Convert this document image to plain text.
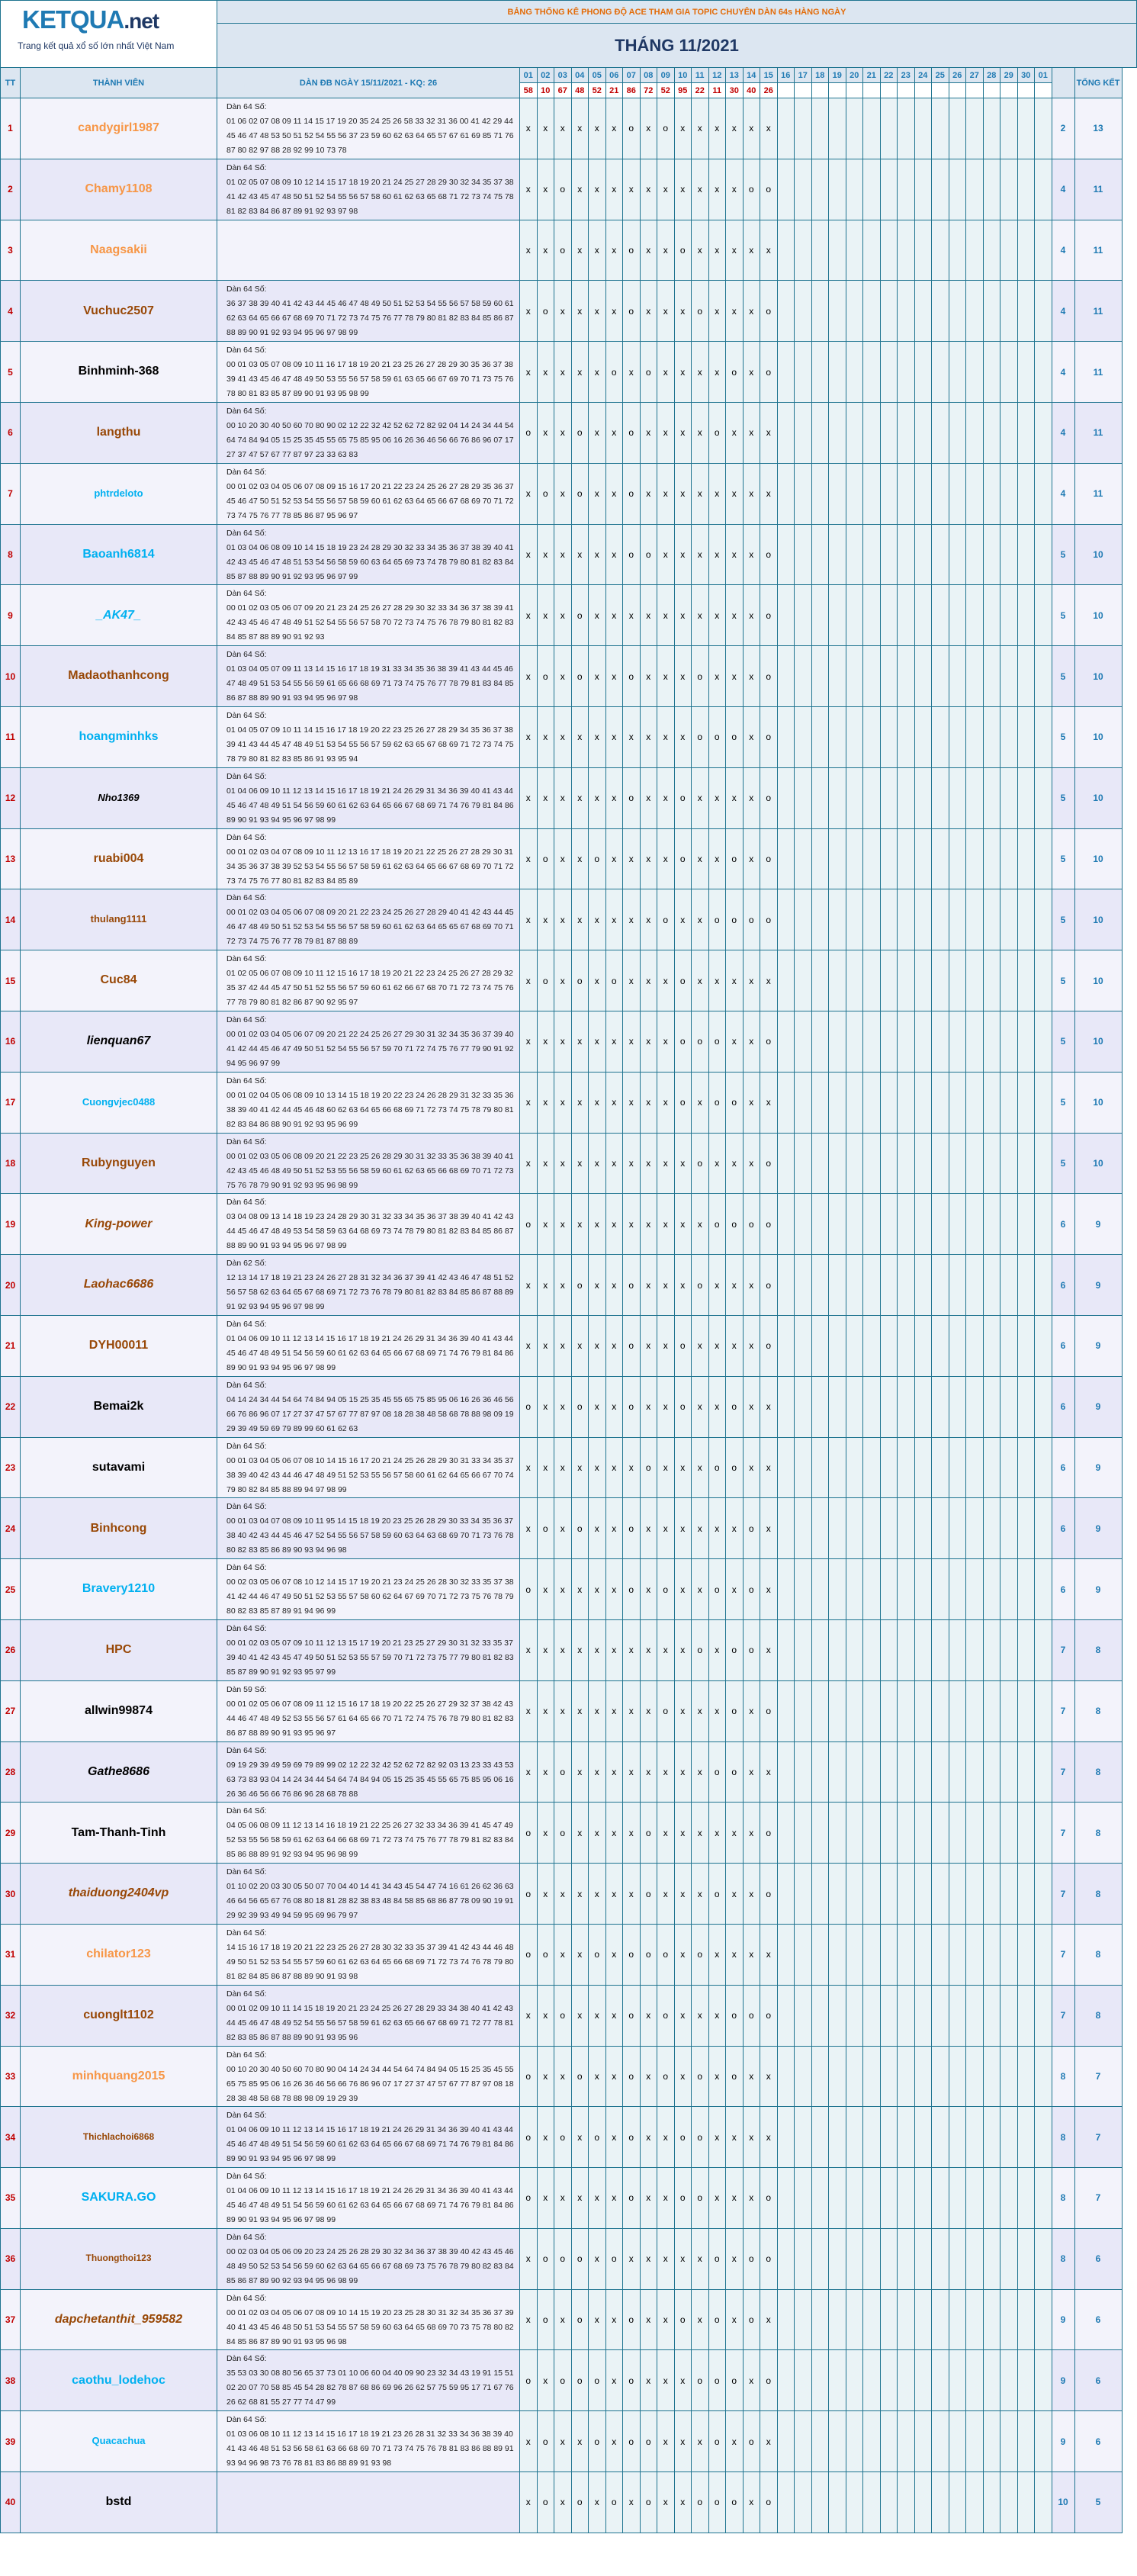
KETQUA.net
Trang kết quả xổ số lớn nhất Việt Nam		BẢNG THỐNG KÊ PHONG ĐỘ ACE THAM GIA TOPIC CHUYÊN DÀN 64s HÀNG NGÀY																																	
		THÁNG 11/2021																																	
TT	THÀNH VIÊN	DÀN ĐB NGÀY 15/11/2021 - KQ: 26	01	02	03	04	05	06	07	08	09	10	11	12	13	14	15	16	17	18	19	20	21	22	23	24	25	26	27	28	29	30	01		TỔNG KẾT
			58	10	67	48	52	21	86	72	52	95	22	11	30	40	26																		
1	candygirl1987	Dàn 64 Số:
01 06 02 07 08 09 11 14 15 17 19 20 35 24 25 26 58 33 32 31 36 00 41 42 29 44 45 46 47 48 53 50 51 52 54 55 56 37 23 59 60 62 63 64 65 57 67 61 69 85 71 76 87 80 82 97 88 28 92 99 10 73 78	x	x	x	x	x	x	o	x	o	x	x	x	x	x	x																	2	13
2	Chamy1108	Dàn 64 Số:
01 02 05 07 08 09 10 12 14 15 17 18 19 20 21 24 25 27 28 29 30 32 34 35 37 38 41 42 43 45 47 48 50 51 52 54 55 56 57 58 60 61 62 63 65 68 71 72 73 74 75 78 81 82 83 84 86 87 89 91 92 93 97 98	x	x	o	x	x	x	x	x	x	x	x	x	x	o	o																	4	11
3	Naagsakii		x	x	o	x	x	x	o	x	x	o	x	x	x	x	x																	4	11
4	Vuchuc2507	Dàn 64 Số:
36 37 38 39 40 41 42 43 44 45 46 47 48 49 50 51 52 53 54 55 56 57 58 59 60 61 62 63 64 65 66 67 68 69 70 71 72 73 74 75 76 77 78 79 80 81 82 83 84 85 86 87 88 89 90 91 92 93 94 95 96 97 98 99	x	o	x	x	x	x	o	x	x	x	o	x	x	x	o																	4	11
5	Binhminh-368	Dàn 64 Số:
00 01 03 05 07 08 09 10 11 16 17 18 19 20 21 23 25 26 27 28 29 30 35 36 37 38 39 41 43 45 46 47 48 49 50 53 55 56 57 58 59 61 63 65 66 67 69 70 71 73 75 76 78 80 81 83 85 87 89 90 91 93 95 98 99	x	x	x	x	x	o	x	o	x	x	x	x	o	x	o																	4	11
6	langthu	Dàn 64 Số:
00 10 20 30 40 50 60 70 80 90 02 12 22 32 42 52 62 72 82 92 04 14 24 34 44 54 64 74 84 94 05 15 25 35 45 55 65 75 85 95 06 16 26 36 46 56 66 76 86 96 07 17 27 37 47 57 67 77 87 97 23 33 63 83	o	x	x	o	x	x	o	x	x	x	x	o	x	x	x																	4	11
7	phtrdeloto	Dàn 64 Số:
00 01 02 03 04 05 06 07 08 09 15 16 17 20 21 22 23 24 25 26 27 28 29 35 36 37 45 46 47 50 51 52 53 54 55 56 57 58 59 60 61 62 63 64 65 66 67 68 69 70 71 72 73 74 75 76 77 78 85 86 87 95 96 97	x	o	x	o	x	x	o	x	x	x	x	x	x	x	x																	4	11
8	Baoanh6814	Dàn 64 Số:
01 03 04 06 08 09 10 14 15 18 19 23 24 28 29 30 32 33 34 35 36 37 38 39 40 41 42 43 45 46 47 48 51 53 54 56 58 59 60 63 64 65 69 73 74 78 79 80 81 82 83 84 85 87 88 89 90 91 92 93 95 96 97 99	x	x	x	x	x	x	o	o	x	x	x	x	x	x	o																	5	10
9	_AK47_	Dàn 64 Số:
00 01 02 03 05 06 07 09 20 21 23 24 25 26 27 28 29 30 32 33 34 36 37 38 39 41 42 43 45 46 47 48 49 51 52 54 55 56 57 58 70 72 73 74 75 76 78 79 80 81 82 83 84 85 87 88 89 90 91 92 93	x	x	x	o	x	x	x	x	x	x	x	x	x	x	o																	5	10
10	Madaothanhcong	Dàn 64 Số:
01 03 04 05 07 09 11 13 14 15 16 17 18 19 31 33 34 35 36 38 39 41 43 44 45 46 47 48 49 51 53 54 55 56 59 61 65 66 68 69 71 73 74 75 76 77 78 79 81 83 84 85 86 87 88 89 90 91 93 94 95 96 97 98	x	o	x	o	x	x	o	x	x	x	o	x	x	x	o																	5	10
11	hoangminhks	Dàn 64 Số:
01 04 05 07 09 10 11 14 15 16 17 18 19 20 22 23 25 26 27 28 29 34 35 36 37 38 39 41 43 44 45 47 48 49 51 53 54 55 56 57 59 62 63 65 67 68 69 71 72 73 74 75 78 79 80 81 82 83 85 86 91 93 95 94	x	x	x	x	x	x	x	x	x	x	o	o	o	x	o																	5	10
12	Nho1369	Dàn 64 Số:
01 04 06 09 10 11 12 13 14 15 16 17 18 19 21 24 26 29 31 34 36 39 40 41 43 44 45 46 47 48 49 51 54 56 59 60 61 62 63 64 65 66 67 68 69 71 74 76 79 81 84 86 89 90 91 93 94 95 96 97 98 99	x	x	x	x	x	x	o	x	x	o	x	x	x	x	o																	5	10
13	ruabi004	Dàn 64 Số:
00 01 02 03 04 07 08 09 10 11 12 13 16 17 18 19 20 21 22 25 26 27 28 29 30 31 34 35 36 37 38 39 52 53 54 55 56 57 58 59 61 62 63 64 65 66 67 68 69 70 71 72 73 74 75 76 77 80 81 82 83 84 85 89	x	o	x	x	o	x	x	x	x	o	x	x	o	x	o																	5	10
14	thulang1111	Dàn 64 Số:
00 01 02 03 04 05 06 07 08 09 20 21 22 23 24 25 26 27 28 29 40 41 42 43 44 45 46 47 48 49 50 51 52 53 54 55 56 57 58 59 60 61 62 63 64 65 65 67 68 69 70 71 72 73 74 75 76 77 78 79 81 87 88 89	x	x	x	x	x	x	x	x	o	x	x	o	o	o	o																	5	10
15	Cuc84	Dàn 64 Số:
01 02 05 06 07 08 09 10 11 12 15 16 17 18 19 20 21 22 23 24 25 26 27 28 29 32 35 37 42 44 45 47 50 51 52 55 56 57 59 60 61 62 66 67 68 70 71 72 73 74 75 76 77 78 79 80 81 82 86 87 90 92 95 97	x	o	x	o	x	o	x	x	x	o	x	x	x	x	x																	5	10
16	lienquan67	Dàn 64 Số:
00 01 02 03 04 05 06 07 09 20 21 22 24 25 26 27 29 30 31 32 34 35 36 37 39 40 41 42 44 45 46 47 49 50 51 52 54 55 56 57 59 70 71 72 74 75 76 77 79 90 91 92 94 95 96 97 99	x	x	x	x	x	x	x	x	x	o	o	o	x	x	o																	5	10
17	Cuongvjec0488	Dàn 64 Số:
00 01 02 04 05 06 08 09 10 13 14 15 18 19 20 22 23 24 26 28 29 31 32 33 35 36 38 39 40 41 42 44 45 46 48 60 62 63 64 65 66 68 69 71 72 73 74 75 78 79 80 81 82 83 84 86 88 90 91 92 93 95 96 99	x	x	x	x	x	x	x	x	x	o	x	o	o	x	x																	5	10
18	Rubynguyen	Dàn 64 Số:
00 01 02 03 05 06 08 09 20 21 22 23 25 26 28 29 30 31 32 33 35 36 38 39 40 41 42 43 45 46 48 49 50 51 52 53 55 56 58 59 60 61 62 63 65 66 68 69 70 71 72 73 75 76 78 79 90 91 92 93 95 96 98 99	x	x	x	x	x	x	x	x	x	x	o	x	x	x	o																	5	10
19	King-power	Dàn 64 Số:
03 04 08 09 13 14 18 19 23 24 28 29 30 31 32 33 34 35 36 37 38 39 40 41 42 43 44 45 46 47 48 49 53 54 58 59 63 64 68 69 73 74 78 79 80 81 82 83 84 85 86 87 88 89 90 91 93 94 95 96 97 98 99	o	x	x	x	x	x	x	x	x	x	x	o	o	o	o																	6	9
20	Laohac6686	Dàn 62 Số:
12 13 14 17 18 19 21 23 24 26 27 28 31 32 34 36 37 39 41 42 43 46 47 48 51 52 56 57 58 62 63 64 65 67 68 69 71 72 73 76 78 79 80 81 82 83 84 85 86 87 88 89 91 92 93 94 95 96 97 98 99	x	x	x	o	x	x	o	x	x	x	o	x	x	x	o																	6	9
21	DYH00011	Dàn 64 Số:
01 04 06 09 10 11 12 13 14 15 16 17 18 19 21 24 26 29 31 34 36 39 40 41 43 44 45 46 47 48 49 51 54 56 59 60 61 62 63 64 65 66 67 68 69 71 74 76 79 81 84 86 89 90 91 93 94 95 96 97 98 99	x	x	x	x	x	x	o	x	x	o	x	x	x	x	o																	6	9
22	Bemai2k	Dàn 64 Số:
04 14 24 34 44 54 64 74 84 94 05 15 25 35 45 55 65 75 85 95 06 16 26 36 46 56 66 76 86 96 07 17 27 37 47 57 67 77 87 97 08 18 28 38 48 58 68 78 88 98 09 19 29 39 49 59 69 79 89 99 60 61 62 63	o	x	x	o	x	x	o	x	x	o	x	x	o	x	x																	6	9
23	sutavami	Dàn 64 Số:
00 01 03 04 05 06 07 08 10 14 15 16 17 20 21 24 25 26 28 29 30 31 33 34 35 37 38 39 40 42 43 44 46 47 48 49 51 52 53 55 56 57 58 60 61 62 64 65 66 67 70 74 79 80 82 84 85 88 89 94 97 98 99	x	x	x	x	x	x	x	o	x	x	x	o	o	x	x																	6	9
24	Binhcong	Dàn 64 Số:
00 01 03 04 07 08 09 10 11 95 14 15 18 19 20 23 25 26 28 29 30 33 34 35 36 37 38 40 42 43 44 45 46 47 52 54 55 56 57 58 59 60 63 64 63 68 69 70 71 73 76 78 80 82 83 85 86 89 90 93 94 96 98	x	o	x	o	x	x	o	x	x	x	x	x	x	o	x																	6	9
25	Bravery1210	Dàn 64 Số:
00 02 03 05 06 07 08 10 12 14 15 17 19 20 21 23 24 25 26 28 30 32 33 35 37 38 41 42 44 46 47 49 50 51 52 53 55 57 58 60 62 64 67 69 70 71 72 73 75 76 78 79 80 82 83 85 87 89 91 94 96 99	o	x	x	x	x	x	o	x	o	x	x	o	x	o	x																	6	9
26	HPC	Dàn 64 Số:
00 01 02 03 05 07 09 10 11 12 13 15 17 19 20 21 23 25 27 29 30 31 32 33 35 37 39 40 41 42 43 45 47 49 50 51 52 53 55 57 59 70 71 72 73 75 77 79 80 81 82 83 85 87 89 90 91 92 93 95 97 99	x	x	x	x	x	x	x	x	x	x	o	x	o	o	x																	7	8
27	allwin99874	Dàn 59 Số:
00 01 02 05 06 07 08 09 11 12 15 16 17 18 19 20 22 25 26 27 29 32 37 38 42 43 44 46 47 48 49 52 53 55 56 57 61 64 65 66 70 71 72 74 75 76 78 79 80 81 82 83 86 87 88 89 90 91 93 95 96 97	x	x	x	x	x	x	x	x	o	x	x	x	o	x	o																	7	8
28	Gathe8686	Dàn 64 Số:
09 19 29 39 49 59 69 79 89 99 02 12 22 32 42 52 62 72 82 92 03 13 23 33 43 53 63 73 83 93 04 14 24 34 44 54 64 74 84 94 05 15 25 35 45 55 65 75 85 95 06 16 26 36 46 56 66 76 86 96 28 68 78 88	x	x	o	x	x	x	x	x	x	x	x	o	o	x	x																	7	8
29	Tam-Thanh-Tinh	Dàn 64 Số:
04 05 06 08 09 11 12 13 14 16 18 19 21 22 25 26 27 32 33 34 36 39 41 45 47 49 52 53 55 56 58 59 61 62 63 64 66 68 69 71 72 73 74 75 76 77 78 79 81 82 83 84 85 86 88 89 91 92 93 94 95 96 98 99	o	x	o	x	x	x	x	o	x	x	x	x	x	x	o																	7	8
30	thaiduong2404vp	Dàn 64 Số:
01 10 02 20 03 30 05 50 07 70 04 40 14 41 34 43 45 54 47 74 16 61 26 62 36 63 46 64 56 65 67 76 08 80 18 81 28 82 38 83 48 84 58 85 68 86 87 78 09 90 19 91 29 92 39 93 49 94 59 95 69 96 79 97	o	x	x	x	x	x	x	o	x	x	x	o	x	x	o																	7	8
31	chilator123	Dàn 64 Số:
14 15 16 17 18 19 20 21 22 23 25 26 27 28 30 32 33 35 37 39 41 42 43 44 46 48 49 50 51 52 53 54 55 57 59 60 61 62 63 64 65 66 68 69 71 72 73 74 76 78 79 80 81 82 84 85 86 87 88 89 90 91 93 98	o	o	x	x	o	x	o	o	o	x	o	x	x	x	x																	7	8
32	cuonglt1102	Dàn 64 Số:
00 01 02 09 10 11 14 15 18 19 20 21 23 24 25 26 27 28 29 33 34 38 40 41 42 43 44 45 46 47 48 49 52 54 55 56 57 58 59 61 62 63 65 66 67 68 69 71 72 77 78 81 82 83 85 86 87 88 89 90 91 93 95 96	x	x	o	x	x	x	o	x	o	x	x	x	o	o	o																	7	8
33	minhquang2015	Dàn 64 Số:
00 10 20 30 40 50 60 70 80 90 04 14 24 34 44 54 64 74 84 94 05 15 25 35 45 55 65 75 85 95 06 16 26 36 46 56 66 76 86 96 07 17 27 37 47 57 67 77 87 97 08 18 28 38 48 58 68 78 88 98 09 19 29 39	o	x	x	o	x	x	o	x	o	x	o	x	o	x	x																	8	7
34	Thichlachoi6868	Dàn 64 Số:
01 04 06 09 10 11 12 13 14 15 16 17 18 19 21 24 26 29 31 34 36 39 40 41 43 44 45 46 47 48 49 51 54 56 59 60 61 62 63 64 65 66 67 68 69 71 74 76 79 81 84 86 89 90 91 93 94 95 96 97 98 99	o	x	o	x	o	x	o	x	x	o	o	x	x	x	x																	8	7
35	SAKURA.GO	Dàn 64 Số:
01 04 06 09 10 11 12 13 14 15 16 17 18 19 21 24 26 29 31 34 36 39 40 41 43 44 45 46 47 48 49 51 54 56 59 60 61 62 63 64 65 66 67 68 69 71 74 76 79 81 84 86 89 90 91 93 94 95 96 97 98 99	o	x	x	x	x	x	o	x	x	o	o	x	x	x	o																	8	7
36	Thuongthoi123	Dàn 64 Số:
00 02 03 04 05 06 09 20 23 24 25 26 28 29 30 32 34 36 37 38 39 40 42 43 45 46 48 49 50 52 53 54 56 59 60 62 63 64 65 66 67 68 69 73 75 76 78 79 80 82 83 84 85 86 87 89 90 92 93 94 95 96 98 99	x	o	o	o	x	o	x	x	x	x	x	o	x	o	o																	8	6
37	dapchetanthit_959582	Dàn 64 Số:
00 01 02 03 04 05 06 07 08 09 10 14 15 19 20 23 25 28 30 31 32 34 35 36 37 39 40 41 43 45 46 48 50 51 53 54 55 57 58 59 60 63 64 65 68 69 70 73 75 78 80 82 84 85 86 87 89 90 91 93 95 96 98	x	o	x	o	x	x	o	x	x	o	x	o	x	o	x																	9	6
38	caothu_lodehoc	Dàn 64 Số:
35 53 03 30 08 80 56 65 37 73 01 10 06 60 04 40 09 90 23 32 34 43 19 91 15 51 02 20 07 70 58 85 45 54 28 82 78 87 68 86 69 96 26 62 57 75 59 95 17 71 67 76 26 62 68 81 55 27 77 74 47 99	o	x	o	o	o	x	o	x	x	x	o	o	o	x	o																	9	6
39	Quacachua	Dàn 64 Số:
01 03 06 08 10 11 12 13 14 15 16 17 18 19 21 23 26 28 31 32 33 34 36 38 39 40 41 43 46 48 51 53 56 58 61 63 66 68 69 70 71 73 74 75 76 78 81 83 86 88 89 91 93 94 96 98 73 76 78 81 83 86 88 89 91 93 98	x	o	x	x	o	x	o	o	x	x	x	o	x	o	x																	9	6
40	bstd		x	o	x	o	x	o	x	o	x	x	o	o	o	x	o																	10	5
